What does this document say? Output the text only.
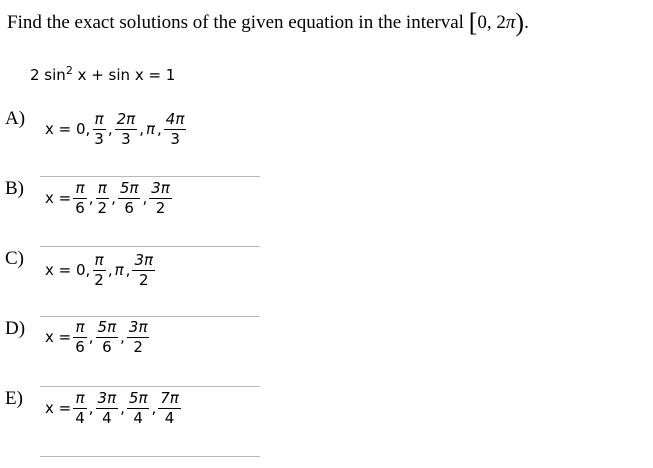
Find the exact solutions of the given equation in the interval [0, 2π).
2 $\sin^2 x + \sin x = 1$
A) x = 0, $\frac{\pi}{3}$ , $\frac{2\pi}{3}$ , π , $\frac{4\pi}{3}$
B) $x = \frac{\pi}{6}$ , $\frac{\pi}{2}$ , $\frac{5\pi}{6}$ , $\frac{3\pi}{2}$
C)
x = 0, $\frac{\pi}{2}$ , π , $\frac{3\pi}{2}$
D) $x = \frac{\pi}{6}$ , $\frac{5\pi}{6}$ , $\frac{3\pi}{2}$
E) $x = \frac{\pi}{4}$ , $\frac{3\pi}{4}$ , $\frac{5\pi}{4}$ , $\frac{7\pi}{4}$
